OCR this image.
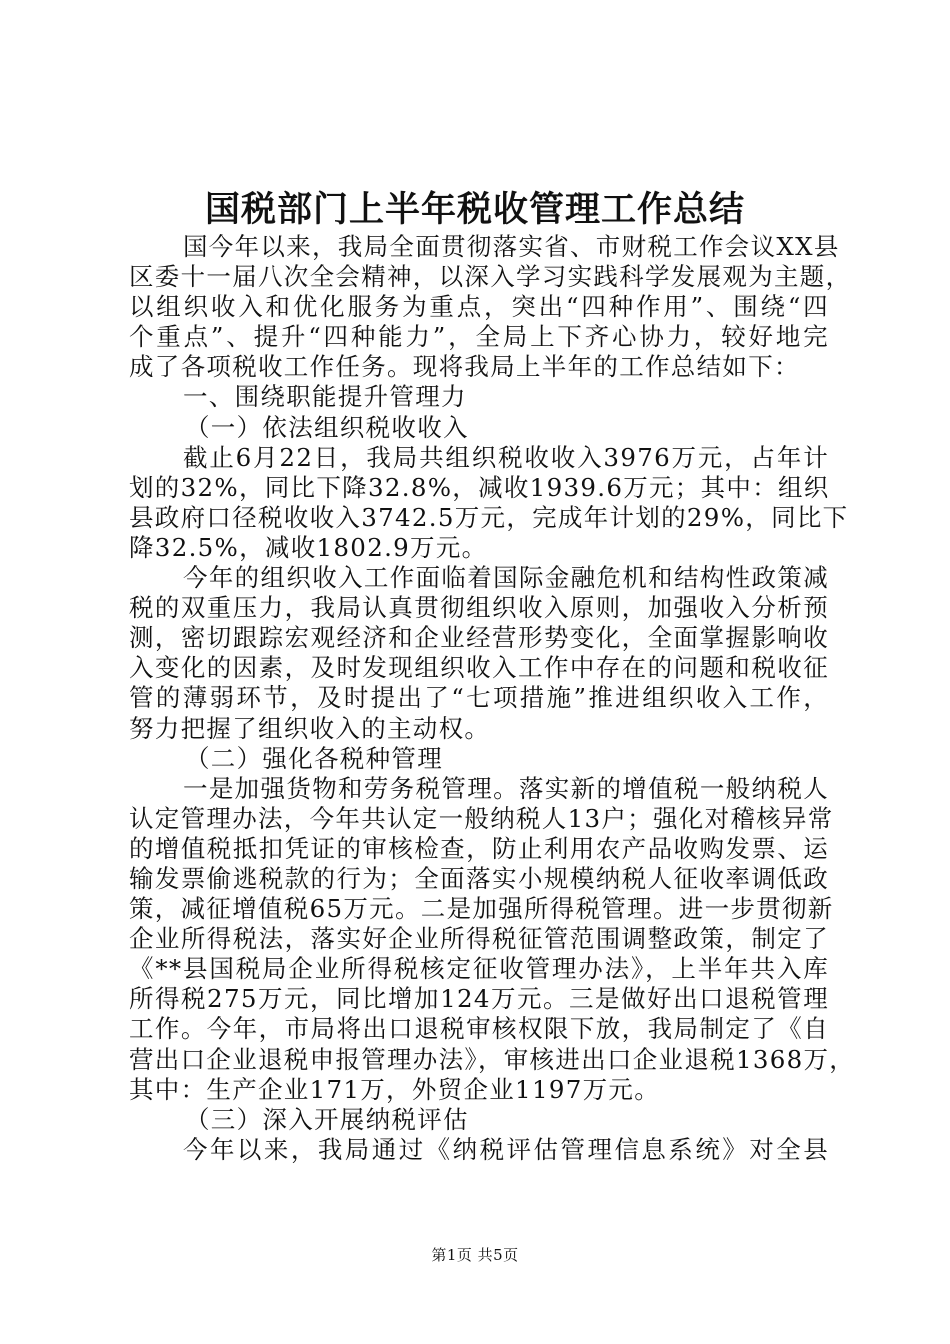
国税部门上半年税收管理工作总结
国今年以来，我局全面贯彻落实省、市财税工作会议XX县
区委十一届八次全会精神，以深入学习实践科学发展观为主题，
以组织收入和优化服务为重点，突出“四种作用”、围绕“四
个重点”、提升“四种能力”，全局上下齐心协力，较好地完
成了各项税收工作任务。现将我局上半年的工作总结如下：
一、围绕职能提升管理力
（一）依法组织税收收入
截止6月22日，我局共组织税收收入3976万元，占年计
划的32%，同比下降32.8%，减收1939.6万元；其中：组织
县政府口径税收收入3742.5万元，完成年计划的29%，同比下
降32.5%，减收1802.9万元。
今年的组织收入工作面临着国际金融危机和结构性政策减
税的双重压力，我局认真贯彻组织收入原则，加强收入分析预
测，密切跟踪宏观经济和企业经营形势变化，全面掌握影响收
入变化的因素，及时发现组织收入工作中存在的问题和税收征
管的薄弱环节，及时提出了“七项措施”推进组织收入工作，
努力把握了组织收入的主动权。
（二）强化各税种管理
一是加强货物和劳务税管理。落实新的增值税一般纳税人
认定管理办法，今年共认定一般纳税人13户；强化对稽核异常
的增值税抵扣凭证的审核检查，防止利用农产品收购发票、运
输发票偷逃税款的行为；全面落实小规模纳税人征收率调低政
策，减征增值税65万元。二是加强所得税管理。进一步贯彻新
企业所得税法，落实好企业所得税征管范围调整政策，制定了
《**县国税局企业所得税核定征收管理办法》，上半年共入库
所得税275万元，同比增加124万元。三是做好出口退税管理
工作。今年，市局将出口退税审核权限下放，我局制定了《自
营出口企业退税申报管理办法》，审核进出口企业退税1368万，
其中：生产企业171万，外贸企业1197万元。
（三）深入开展纳税评估
今年以来，我局通过《纳税评估管理信息系统》对全县
第1页 共5页
